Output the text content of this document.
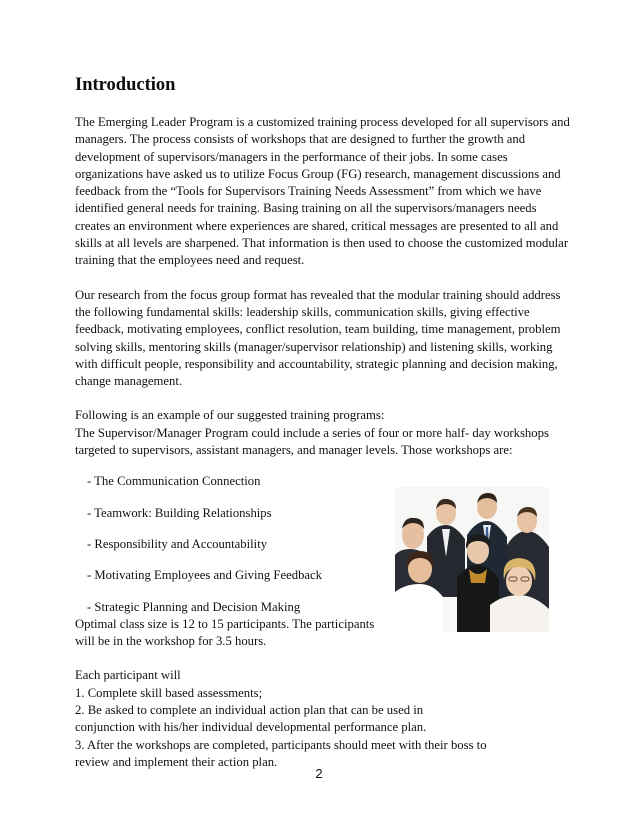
Introduction

The Emerging Leader Program is a customized training process developed for all supervisors and

managers. The process consists of workshops that are designed to further the growth and

development of supervisors/managers in the performance of their jobs. In some cases

organizations have asked us to utilize Focus Group (FG) research, management discussions and

feedback from the “Tools for Supervisors Training Needs Assessment” from which we have

identified general needs for training. Basing training on all the supervisors/managers needs

creates an environment where experiences are shared, critical messages are presented to all and

skills at all levels are sharpened. That information is then used to choose the customized modular

training that the employees need and request.

Our research from the focus group format has revealed that the modular training should address

the following fundamental skills: leadership skills, communication skills, giving effective

feedback, motivating employees, conflict resolution, team building, time management, problem

solving skills, mentoring skills (manager/supervisor relationship) and listening skills, working

with difficult people, responsibility and accountability, strategic planning and decision making,

change management.

Following is an example of our suggested training programs:

The Supervisor/Manager Program could include a series of four or more half- day workshops

targeted to supervisors, assistant managers, and manager levels. Those workshops are:

- The Communication Connection

- Teamwork: Building Relationships

- Responsibility and Accountability

- Motivating Employees and Giving Feedback

- Strategic Planning and Decision Making

Optimal class size is 12 to 15 participants. The participants

will be in the workshop for 3.5 hours.

Each participant will

1. Complete skill based assessments;

2. Be asked to complete an individual action plan that can be used in

conjunction with his/her individual developmental performance plan.

3. After the workshops are completed, participants should meet with their boss to

review and implement their action plan.

2
